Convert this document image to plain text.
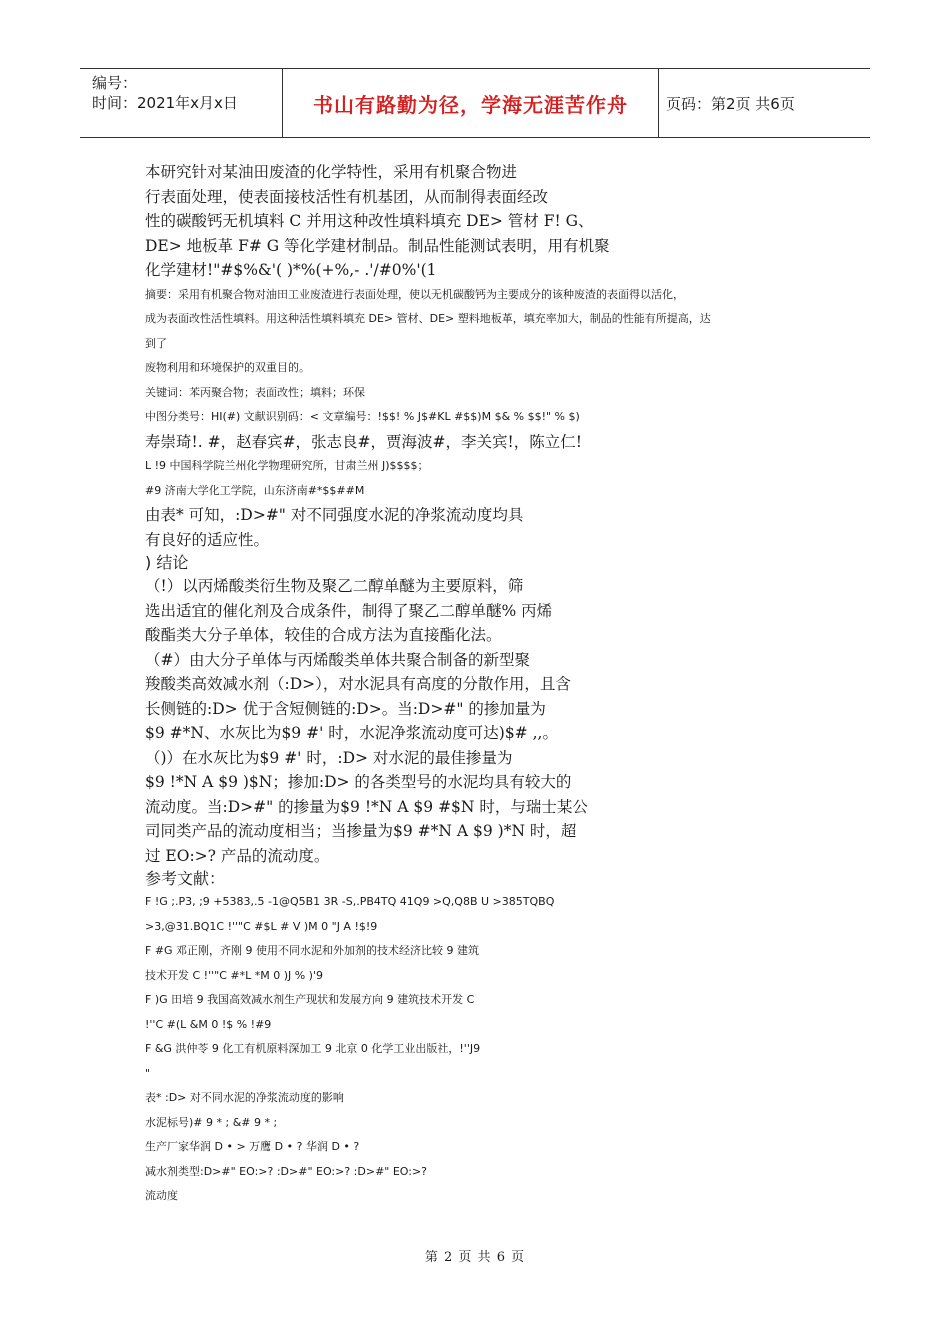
编号：
时间：2021年x月x日	书山有路勤为径，学海无涯苦作舟	页码：第2页 共6页
本研究针对某油田废渣的化学特性，采用有机聚合物进
行表面处理，使表面接枝活性有机基团，从而制得表面经改
性的碳酸钙无机填料 C 并用这种改性填料填充 DE> 管材 F! G、
DE> 地板革 F# G 等化学建材制品。制品性能测试表明，用有机聚
化学建材!"#$%&'( )*%(+%,- .'/#0%'(1
摘要：采用有机聚合物对油田工业废渣进行表面处理，使以无机碳酸钙为主要成分的该种废渣的表面得以活化，
成为表面改性活性填料。用这种活性填料填充 DE> 管材、DE> 塑料地板革，填充率加大，制品的性能有所提高，达
到了
废物利用和环境保护的双重目的。
关键词：苯丙聚合物；表面改性；填料；环保
中图分类号：HI(#) 文献识别码：< 文章编号：!$$! % J$#KL #$$)M $& % $$!" % $)
寿崇琦!. #，赵春宾#，张志良#，贾海波#，李关宾!，陈立仁!
L !9 中国科学院兰州化学物理研究所，甘肃兰州 J)$$$$；
#9 济南大学化工学院，山东济南#*$$##M
由表* 可知，:D>#" 对不同强度水泥的净浆流动度均具
有良好的适应性。
) 结论
（!）以丙烯酸类衍生物及聚乙二醇单醚为主要原料，筛
选出适宜的催化剂及合成条件，制得了聚乙二醇单醚% 丙烯
酸酯类大分子单体，较佳的合成方法为直接酯化法。
（#）由大分子单体与丙烯酸类单体共聚合制备的新型聚
羧酸类高效减水剂（:D>），对水泥具有高度的分散作用，且含
长侧链的:D> 优于含短侧链的:D>。当:D>#" 的掺加量为
$9 #*N、水灰比为$9 #' 时，水泥净浆流动度可达)$# ,,。
（)）在水灰比为$9 #' 时，:D> 对水泥的最佳掺量为
$9 !*N A $9 )$N；掺加:D> 的各类型号的水泥均具有较大的
流动度。当:D>#" 的掺量为$9 !*N A $9 #$N 时，与瑞士某公
司同类产品的流动度相当；当掺量为$9 #*N A $9 )*N 时，超
过 EO:>? 产品的流动度。
参考文献：
F !G ;.P3, ;9 +5383,.5 -1@Q5B1 3R -S,.PB4TQ 41Q9 >Q,Q8B U >385TQBQ
>3,@31.BQ1C !''"C #$L # V )M 0 "J A !$!9
F #G 邓正刚，齐刚 9 使用不同水泥和外加剂的技术经济比较 9 建筑
技术开发 C !''"C #*L *M 0 )J % )'9
F )G 田培 9 我国高效减水剂生产现状和发展方向 9 建筑技术开发 C
!''C #(L &M 0 !$ % !#9
F &G 洪仲苓 9 化工有机原料深加工 9 北京 0 化学工业出版社，!''J9
"
表* :D> 对不同水泥的净浆流动度的影响
水泥标号)# 9 * ; &# 9 * ;
生产厂家华润 D • > 万鹰 D • ? 华润 D • ?
减水剂类型:D>#" EO:>? :D>#" EO:>? :D>#" EO:>?
流动度
第 2 页 共 6 页
